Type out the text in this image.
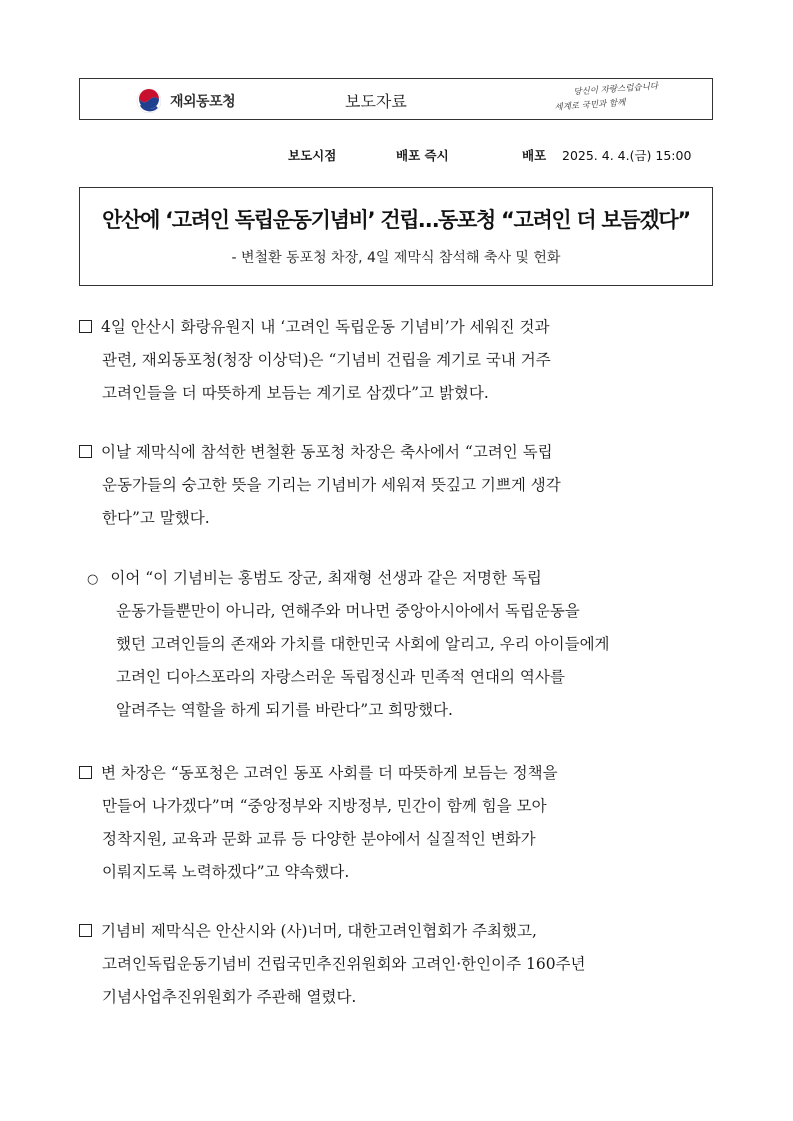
재외동포청	보도자료
당신이 자랑스럽습니다
세계로 국민과 함께
보도시점	배포 즉시	배포 2025. 4. 4.(금) 15:00
안산에 ‘고려인 독립운동기념비’ 건립…동포청 “고려인 더 보듬겠다”
- 변철환 동포청 차장, 4일 제막식 참석해 축사 및 헌화
4일 안산시 화랑유원지 내 ‘고려인 독립운동 기념비’가 세워진 것과
관련, 재외동포청(청장 이상덕)은 “기념비 건립을 계기로 국내 거주
고려인들을 더 따뜻하게 보듬는 계기로 삼겠다”고 밝혔다.
이날 제막식에 참석한 변철환 동포청 차장은 축사에서 “고려인 독립
운동가들의 숭고한 뜻을 기리는 기념비가 세워져 뜻깊고 기쁘게 생각
한다”고 말했다.
○ 이어 “이 기념비는 홍범도 장군, 최재형 선생과 같은 저명한 독립
운동가들뿐만이 아니라, 연해주와 머나먼 중앙아시아에서 독립운동을
했던 고려인들의 존재와 가치를 대한민국 사회에 알리고, 우리 아이들에게
고려인 디아스포라의 자랑스러운 독립정신과 민족적 연대의 역사를
알려주는 역할을 하게 되기를 바란다”고 희망했다.
변 차장은 “동포청은 고려인 동포 사회를 더 따뜻하게 보듬는 정책을
만들어 나가겠다”며 “중앙정부와 지방정부, 민간이 함께 힘을 모아
정착지원, 교육과 문화 교류 등 다양한 분야에서 실질적인 변화가
이뤄지도록 노력하겠다”고 약속했다.
기념비 제막식은 안산시와 (사)너머, 대한고려인협회가 주최했고,
고려인독립운동기념비 건립국민추진위원회와 고려인·한인이주 160주년
기념사업추진위원회가 주관해 열렸다.
